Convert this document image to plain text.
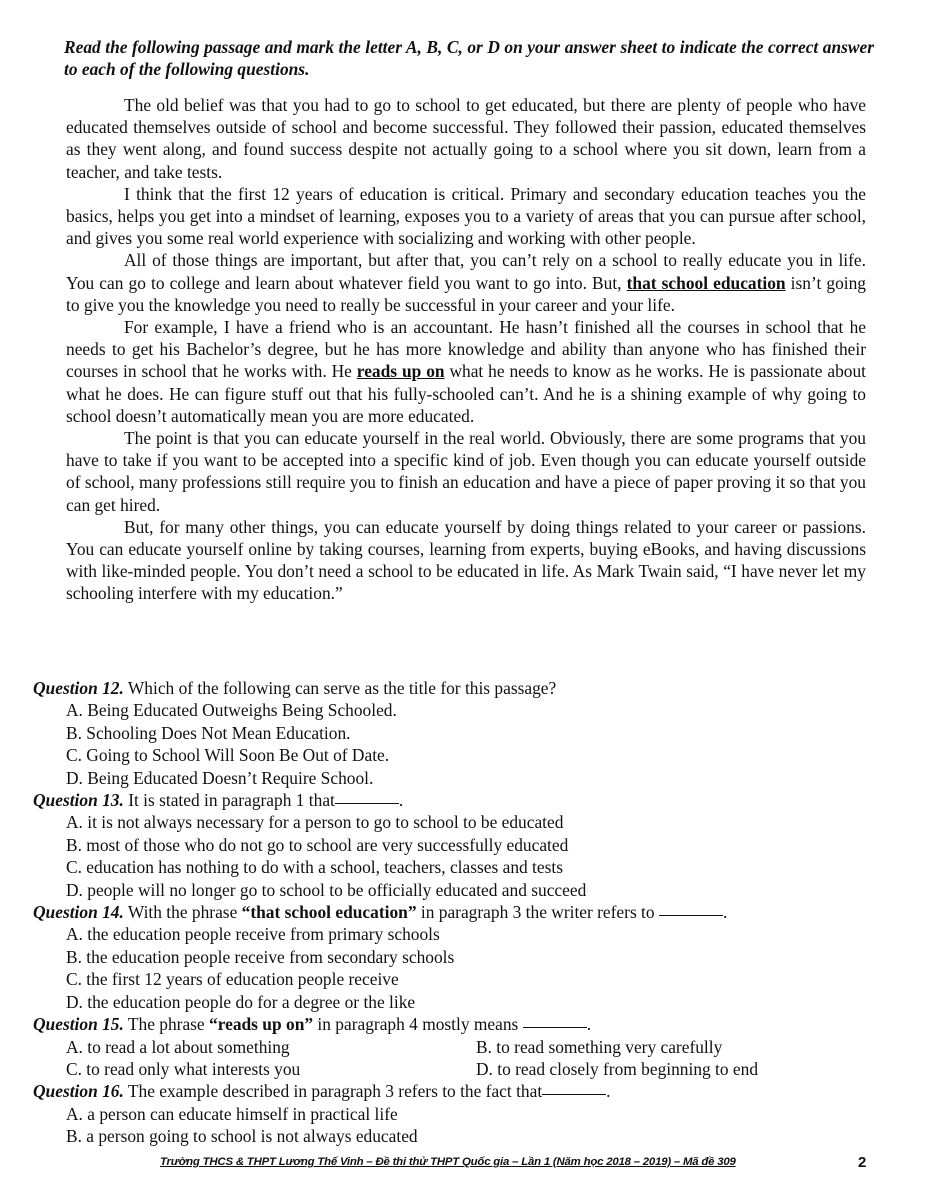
Read the following passage and mark the letter A, B, C, or D on your answer sheet to indicate the correct answer to each of the following questions.

The old belief was that you had to go to school to get educated, but there are plenty of people who have educated themselves outside of school and become successful. They followed their passion, educated themselves as they went along, and found success despite not actually going to a school where you sit down, learn from a teacher, and take tests.

I think that the first 12 years of education is critical. Primary and secondary education teaches you the basics, helps you get into a mindset of learning, exposes you to a variety of areas that you can pursue after school, and gives you some real world experience with socializing and working with other people.

All of those things are important, but after that, you can’t rely on a school to really educate you in life. You can go to college and learn about whatever field you want to go into. But, that school education isn’t going to give you the knowledge you need to really be successful in your career and your life.

For example, I have a friend who is an accountant. He hasn’t finished all the courses in school that he needs to get his Bachelor’s degree, but he has more knowledge and ability than anyone who has finished their courses in school that he works with. He reads up on what he needs to know as he works. He is passionate about what he does. He can figure stuff out that his fully-schooled can’t. And he is a shining example of why going to school doesn’t automatically mean you are more educated.

The point is that you can educate yourself in the real world. Obviously, there are some programs that you have to take if you want to be accepted into a specific kind of job. Even though you can educate yourself outside of school, many professions still require you to finish an education and have a piece of paper proving it so that you can get hired.

But, for many other things, you can educate yourself by doing things related to your career or passions. You can educate yourself online by taking courses, learning from experts, buying eBooks, and having discussions with like-minded people. You don’t need a school to be educated in life. As Mark Twain said, “I have never let my schooling interfere with my education.”

Question 12. Which of the following can serve as the title for this passage?

A. Being Educated Outweighs Being Schooled.

B. Schooling Does Not Mean Education.

C. Going to School Will Soon Be Out of Date.

D. Being Educated Doesn’t Require School.

Question 13. It is stated in paragraph 1 that	.

A. it is not always necessary for a person to go to school to be educated

B. most of those who do not go to school are very successfully educated

C. education has nothing to do with a school, teachers, classes and tests

D. people will no longer go to school to be officially educated and succeed

Question 14. With the phrase “that school education” in paragraph 3 the writer refers to	.

A. the education people receive from primary schools

B. the education people receive from secondary schools

C. the first 12 years of education people receive

D. the education people do for a degree or the like

Question 15. The phrase “reads up on” in paragraph 4 mostly means	.

A. to read a lot about something	B. to read something very carefully
C. to read only what interests you	D. to read closely from beginning to end

Question 16. The example described in paragraph 3 refers to the fact that	.

A. a person can educate himself in practical life

B. a person going to school is not always educated

Trường THCS & THPT Lương Thế Vinh – Đề thi thử THPT Quốc gia – Lần 1 (Năm học 2018 – 2019) – Mã đề 309	2
